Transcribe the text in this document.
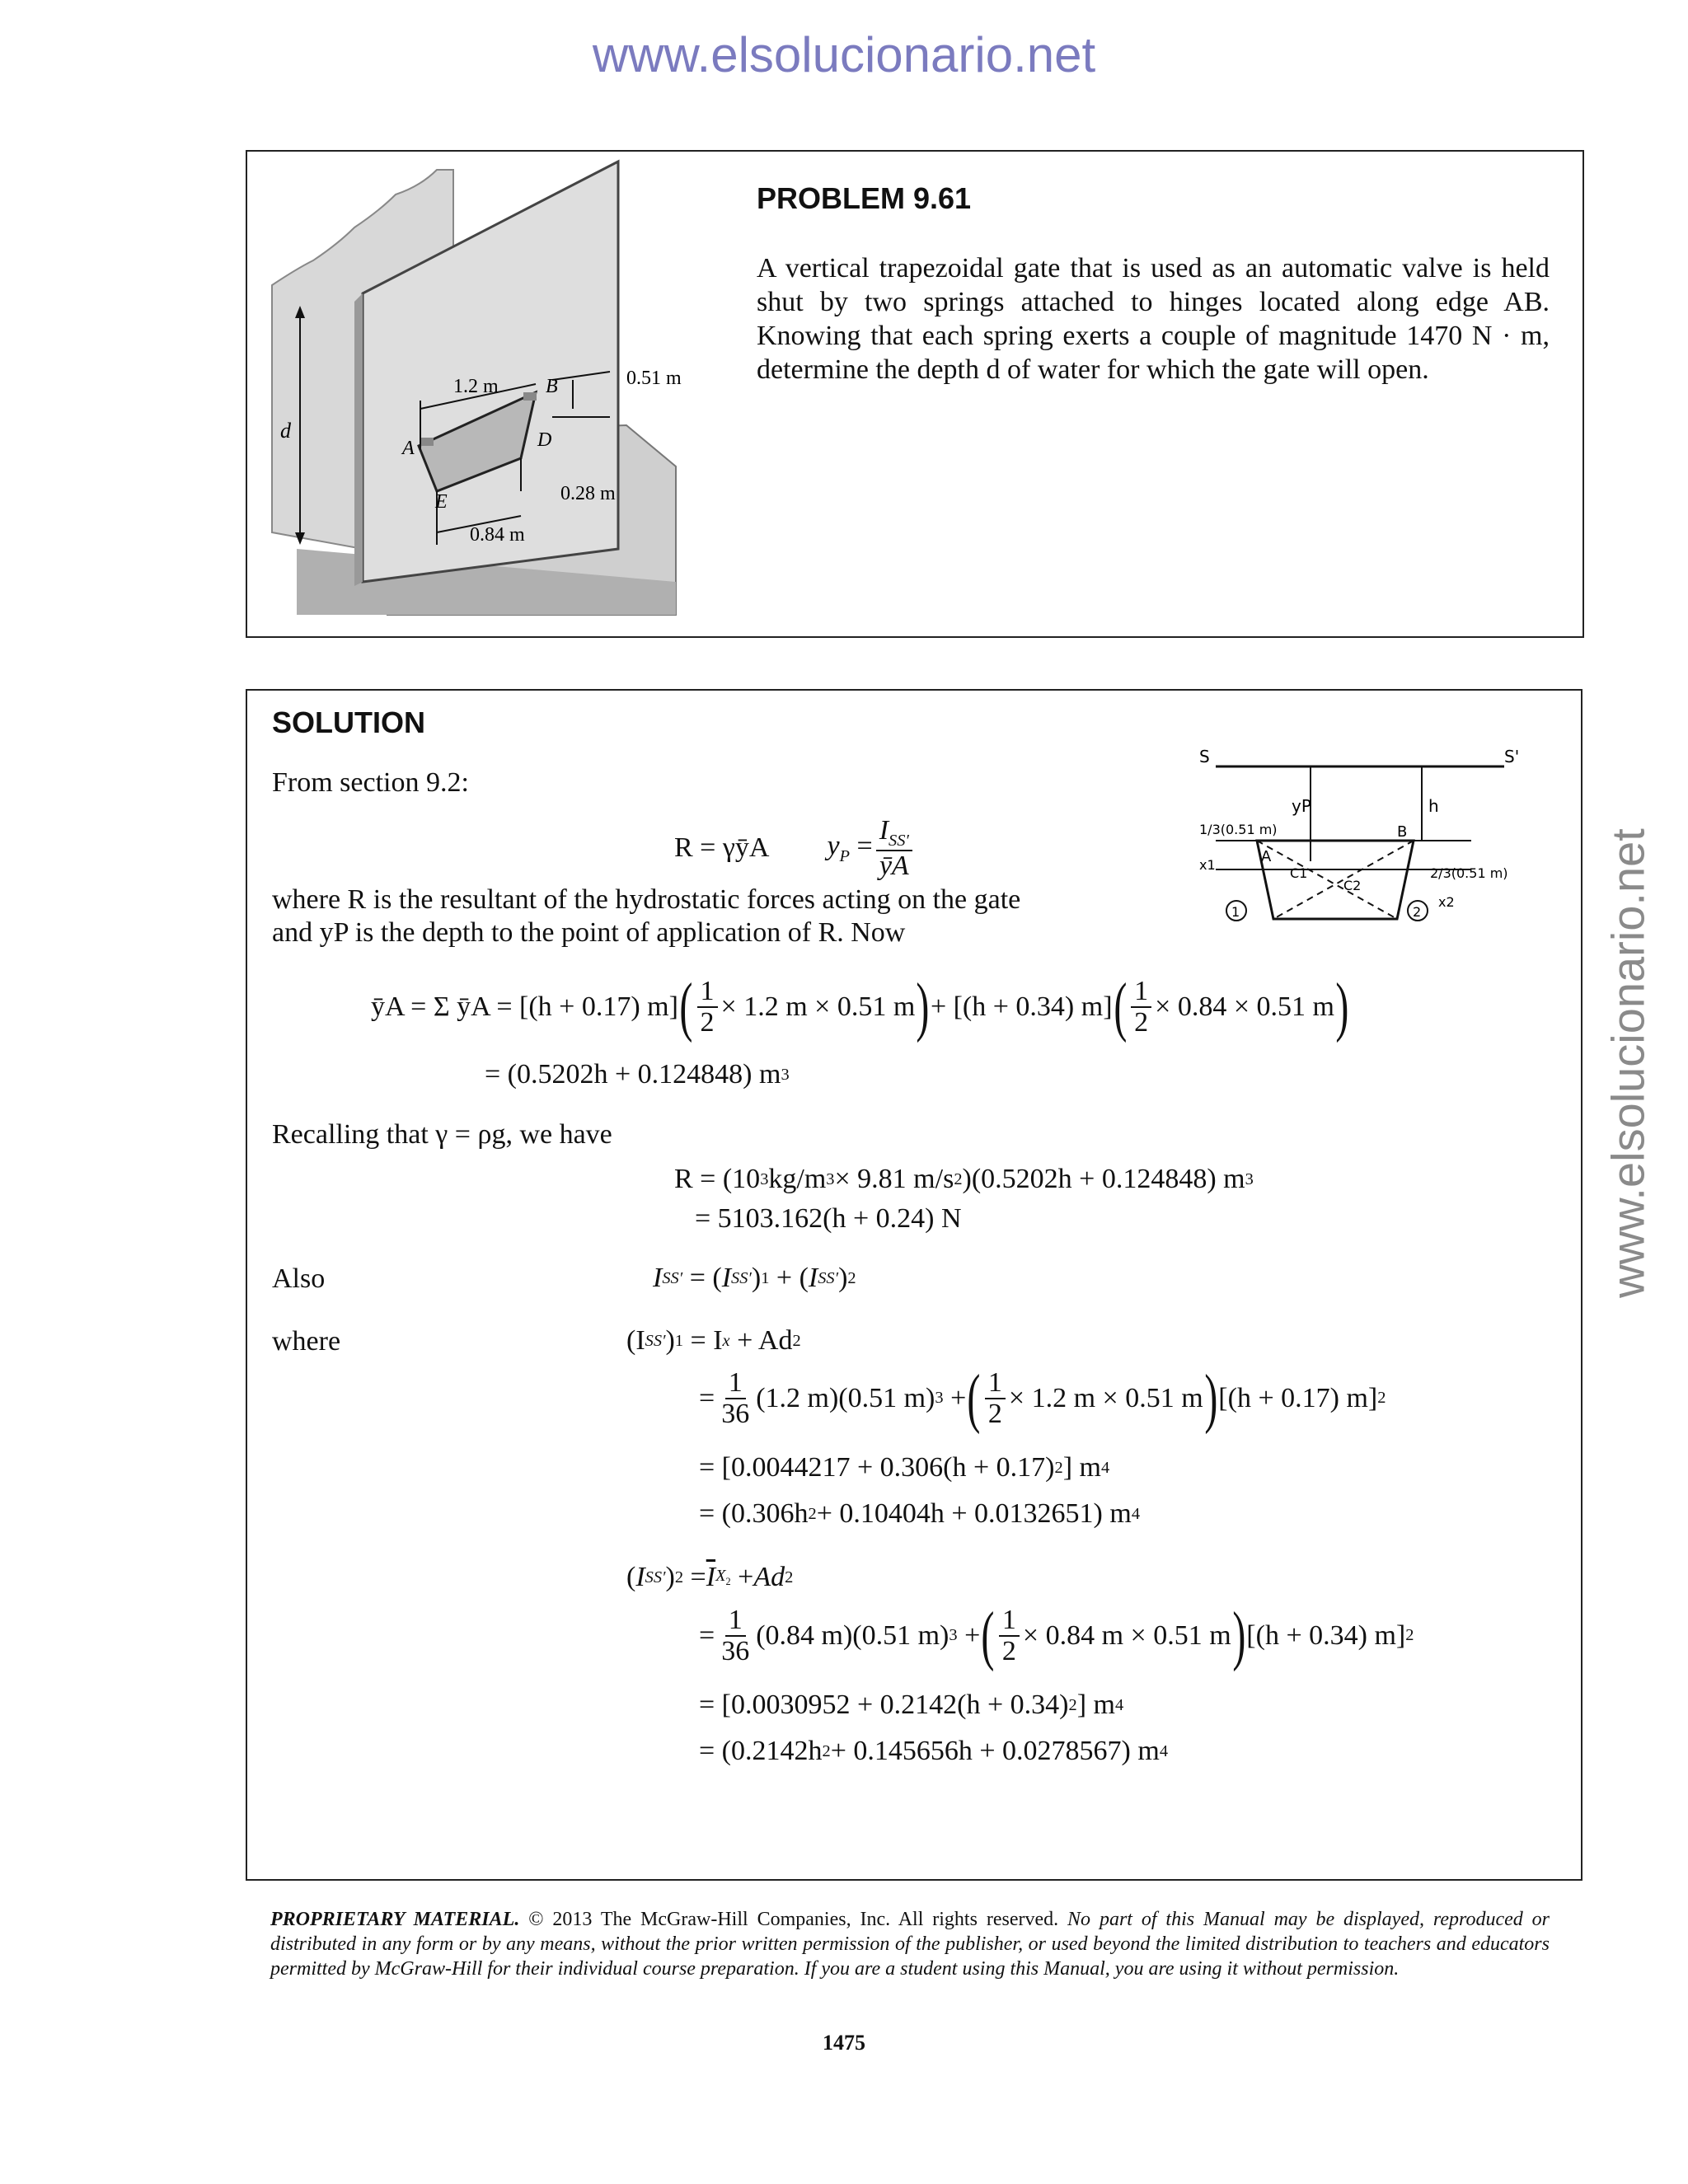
www.elsolucionario.net
www.elsolucionario.net
d
1.2 m B	0.51 m
A	D
E	0.28 m
0.84 m
PROBLEM 9.61
A vertical trapezoidal gate that is used as an automatic valve is held shut by two springs attached to hinges located along edge AB. Knowing that each spring exerts a couple of magnitude 1470 N · m, determine the depth d of water for which the gate will open.
SOLUTION
From section 9.2:
R = γȳA $y_P = \frac{I_{SS'}}{ȳA}$
S	S'
yP	h
1/3(0.51 m)
2/3(0.51 m)
A
B
x1
x2
C1
C2
1	2
where R is the resultant of the hydrostatic forces acting on the gate
and yP is the depth to the point of application of R. Now
ȳA = Σ ȳA = [(h + 0.17) m] ( $\frac{1}{2} \times 1.2$ m × 0.51 m ) + [(h + 0.34) m] ( $\frac{1}{2} \times 0.84 \times 0.51$ m )
= (0.5202h + 0.124848) m 3
Recalling that γ = ρg, we have
R = (10 3 kg/m 3 × 9.81 m/s 2 )(0.5202h + 0.124848) m 3
= 5103.162(h + 0.24) N
Also	I SS′ = ( I SS′ ) 1 + ( I SS′ ) 2
where	(I SS′ ) 1
= I x
+ Ad 2
= $\frac{1}{36} (1.2$ m)(0.51 m) 3 + ( $\frac{1}{2} \times 1.2$ m × 0.51 m ) [(h + 0.17) m] 2
= [0.0044217 + 0.306(h + 0.17) 2 ] m 4
= (0.306h 2 + 0.10404h + 0.0132651) m 4
( I SS′ ) $2 = \overline{I}$ $X_2 + Ad$ 2
= $\frac{1}{36} (0.84$ m)(0.51 m) 3 + ( $\frac{1}{2} \times 0.84$ m × 0.51 m ) [(h + 0.34) m] 2
= [0.0030952 + 0.2142(h + 0.34) 2 ] m 4
= (0.2142h 2 + 0.145656h + 0.0278567) m 4
PROPRIETARY MATERIAL. © 2013 The McGraw-Hill Companies, Inc. All rights reserved. No part of this Manual may be displayed, reproduced or distributed in any form or by any means, without the prior written permission of the publisher, or used beyond the limited distribution to teachers and educators permitted by McGraw-Hill for their individual course preparation. If you are a student using this Manual, you are using it without permission.
1475
